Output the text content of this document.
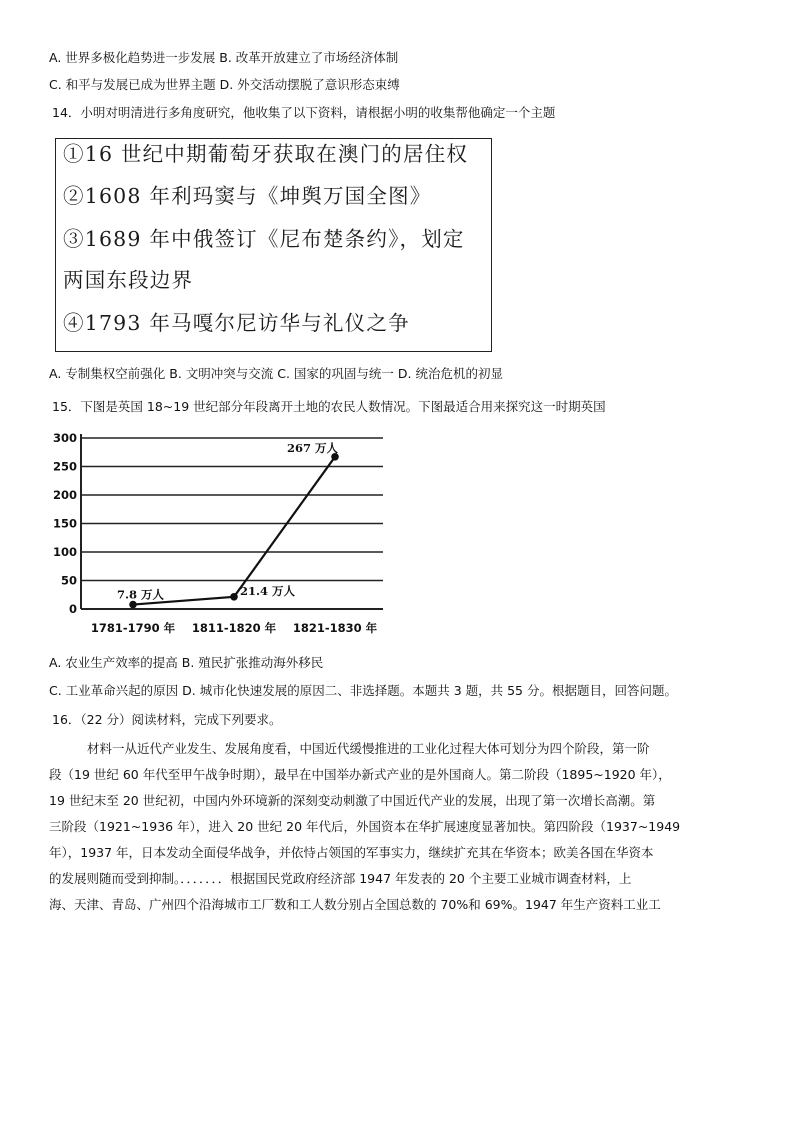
A. 世界多极化趋势进一步发展 B. 改革开放建立了市场经济体制
C. 和平与发展已成为世界主题 D. 外交活动摆脱了意识形态束缚
14．小明对明清进行多角度研究，他收集了以下资料，请根据小明的收集帮他确定一个主题
①16 世纪中期葡萄牙获取在澳门的居住权
②1608 年利玛窦与《坤舆万国全图》
③1689 年中俄签订《尼布楚条约》，划定
两国东段边界
④1793 年马嘎尔尼访华与礼仪之争
A. 专制集权空前强化 B. 文明冲突与交流 C. 国家的巩固与统一 D. 统治危机的初显
15．下图是英国 18~19 世纪部分年段离开土地的农民人数情况。下图最适合用来探究这一时期英国
0
50
100
150
200
250
300
7.8 万人	21.4 万人
267 万人
1781-1790 年 1811-1820 年 1821-1830 年
A. 农业生产效率的提高 B. 殖民扩张推动海外移民
C. 工业革命兴起的原因 D. 城市化快速发展的原因二、非选择题。本题共 3 题，共 55 分。根据题目，回答问题。
16．（22 分）阅读材料，完成下列要求。
材料一从近代产业发生、发展角度看，中国近代缓慢推进的工业化过程大体可划分为四个阶段，第一阶
段（19 世纪 60 年代至甲午战争时期），最早在中国举办新式产业的是外国商人。第二阶段（1895~1920 年），
19 世纪末至 20 世纪初，中国内外环境新的深刻变动刺激了中国近代产业的发展，出现了第一次增长高潮。第
三阶段（1921~1936 年），进入 20 世纪 20 年代后，外国资本在华扩展速度显著加快。第四阶段（1937~1949
年），1937 年，日本发动全面侵华战争，并依恃占领国的军事实力，继续扩充其在华资本；欧美各国在华资本
的发展则随而受到抑制。．．．．．．．根据国民党政府经济部 1947 年发表的 20 个主要工业城市调查材料，上
海、天津、青岛、广州四个沿海城市工厂数和工人数分别占全国总数的 70%和 69%。1947 年生产资料工业工
